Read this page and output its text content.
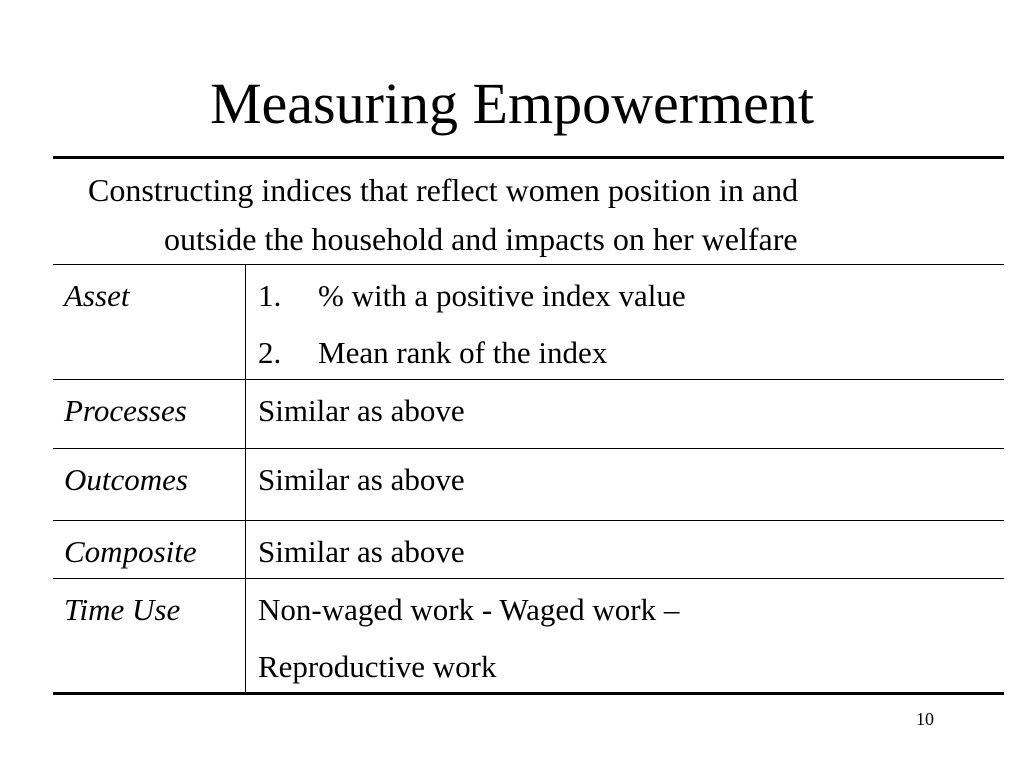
Measuring Empowerment
Constructing indices that reflect women position in and
outside the household and impacts on her welfare
Asset	1. % with a positive index value
2. Mean rank of the index
Processes Similar as above
Outcomes Similar as above
Composite Similar as above
Time Use	Non-waged work - Waged work –
Reproductive work
10
